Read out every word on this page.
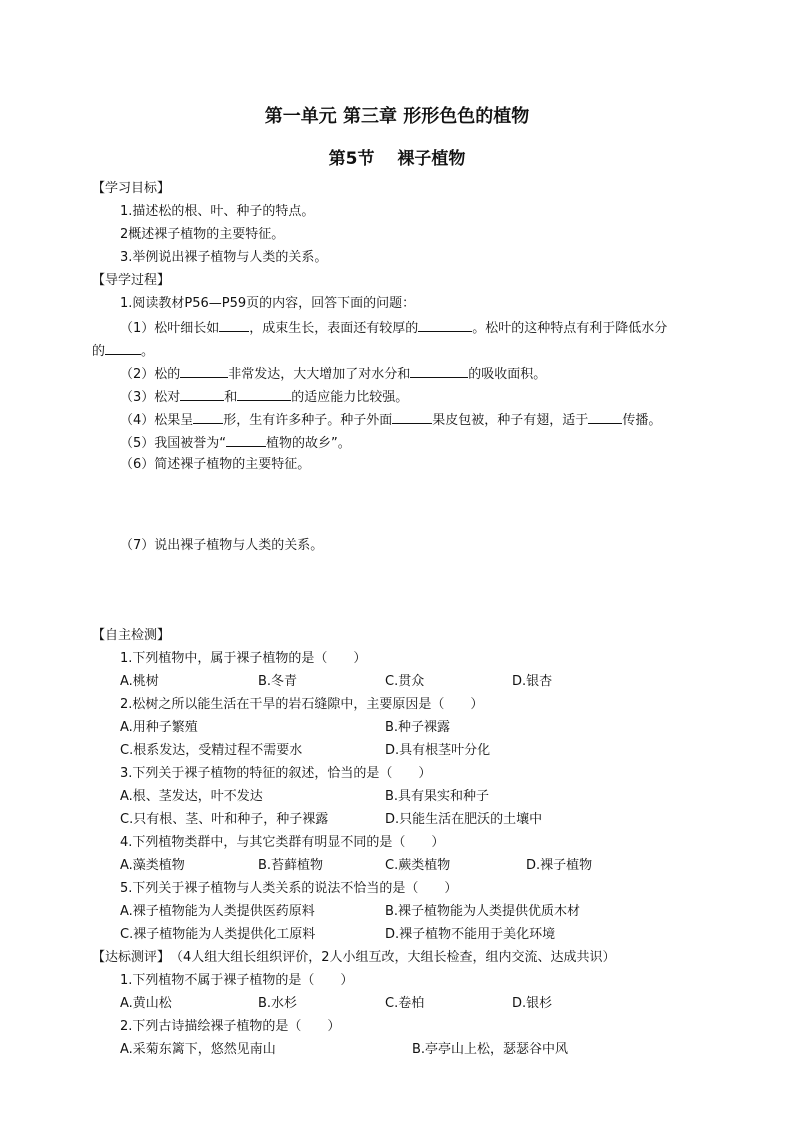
第一单元 第三章 形形色色的植物
第5节　 裸子植物
【学习目标】
1.描述松的根、叶、种子的特点。
2概述裸子植物的主要特征。
3.举例说出裸子植物与人类的关系。
【导学过程】
1.阅读教材P56—P59页的内容，回答下面的问题：
（1）松叶细长如 ，成束生长，表面还有较厚的	。松叶的这种特点有利于降低水分
的	。
（2）松的	非常发达，大大增加了对水分和	的吸收面积。
（3）松对	和	的适应能力比较强。
（4）松果呈 形，生有许多种子。种子外面	果皮包被，种子有翅，适于	传播。
（5）我国被誉为“	植物的故乡”。
（6）简述裸子植物的主要特征。
（7）说出裸子植物与人类的关系。
【自主检测】
1.下列植物中，属于裸子植物的是（　　）
A.桃树	B.冬青	C.贯众	D.银杏
2.松树之所以能生活在干旱的岩石缝隙中，主要原因是（　　）
A.用种子繁殖	B.种子裸露
C.根系发达，受精过程不需要水	D.具有根茎叶分化
3.下列关于裸子植物的特征的叙述，恰当的是（　　）
A.根、茎发达，叶不发达	B.具有果实和种子
C.只有根、茎、叶和种子，种子裸露	D.只能生活在肥沃的土壤中
4.下列植物类群中，与其它类群有明显不同的是（　　）
A.藻类植物	B.苔藓植物	C.蕨类植物	D.裸子植物
5.下列关于裸子植物与人类关系的说法不恰当的是（　　）
A.裸子植物能为人类提供医药原料	B.裸子植物能为人类提供优质木材
C.裸子植物能为人类提供化工原料	D.裸子植物不能用于美化环境
【达标测评】（4人组大组长组织评价，2人小组互改，大组长检查，组内交流、达成共识）
1.下列植物不属于裸子植物的是（　　）
A.黄山松	B.水杉	C.卷柏	D.银杉
2.下列古诗描绘裸子植物的是（　　）
A.采菊东篱下，悠然见南山	B.亭亭山上松，瑟瑟谷中风
